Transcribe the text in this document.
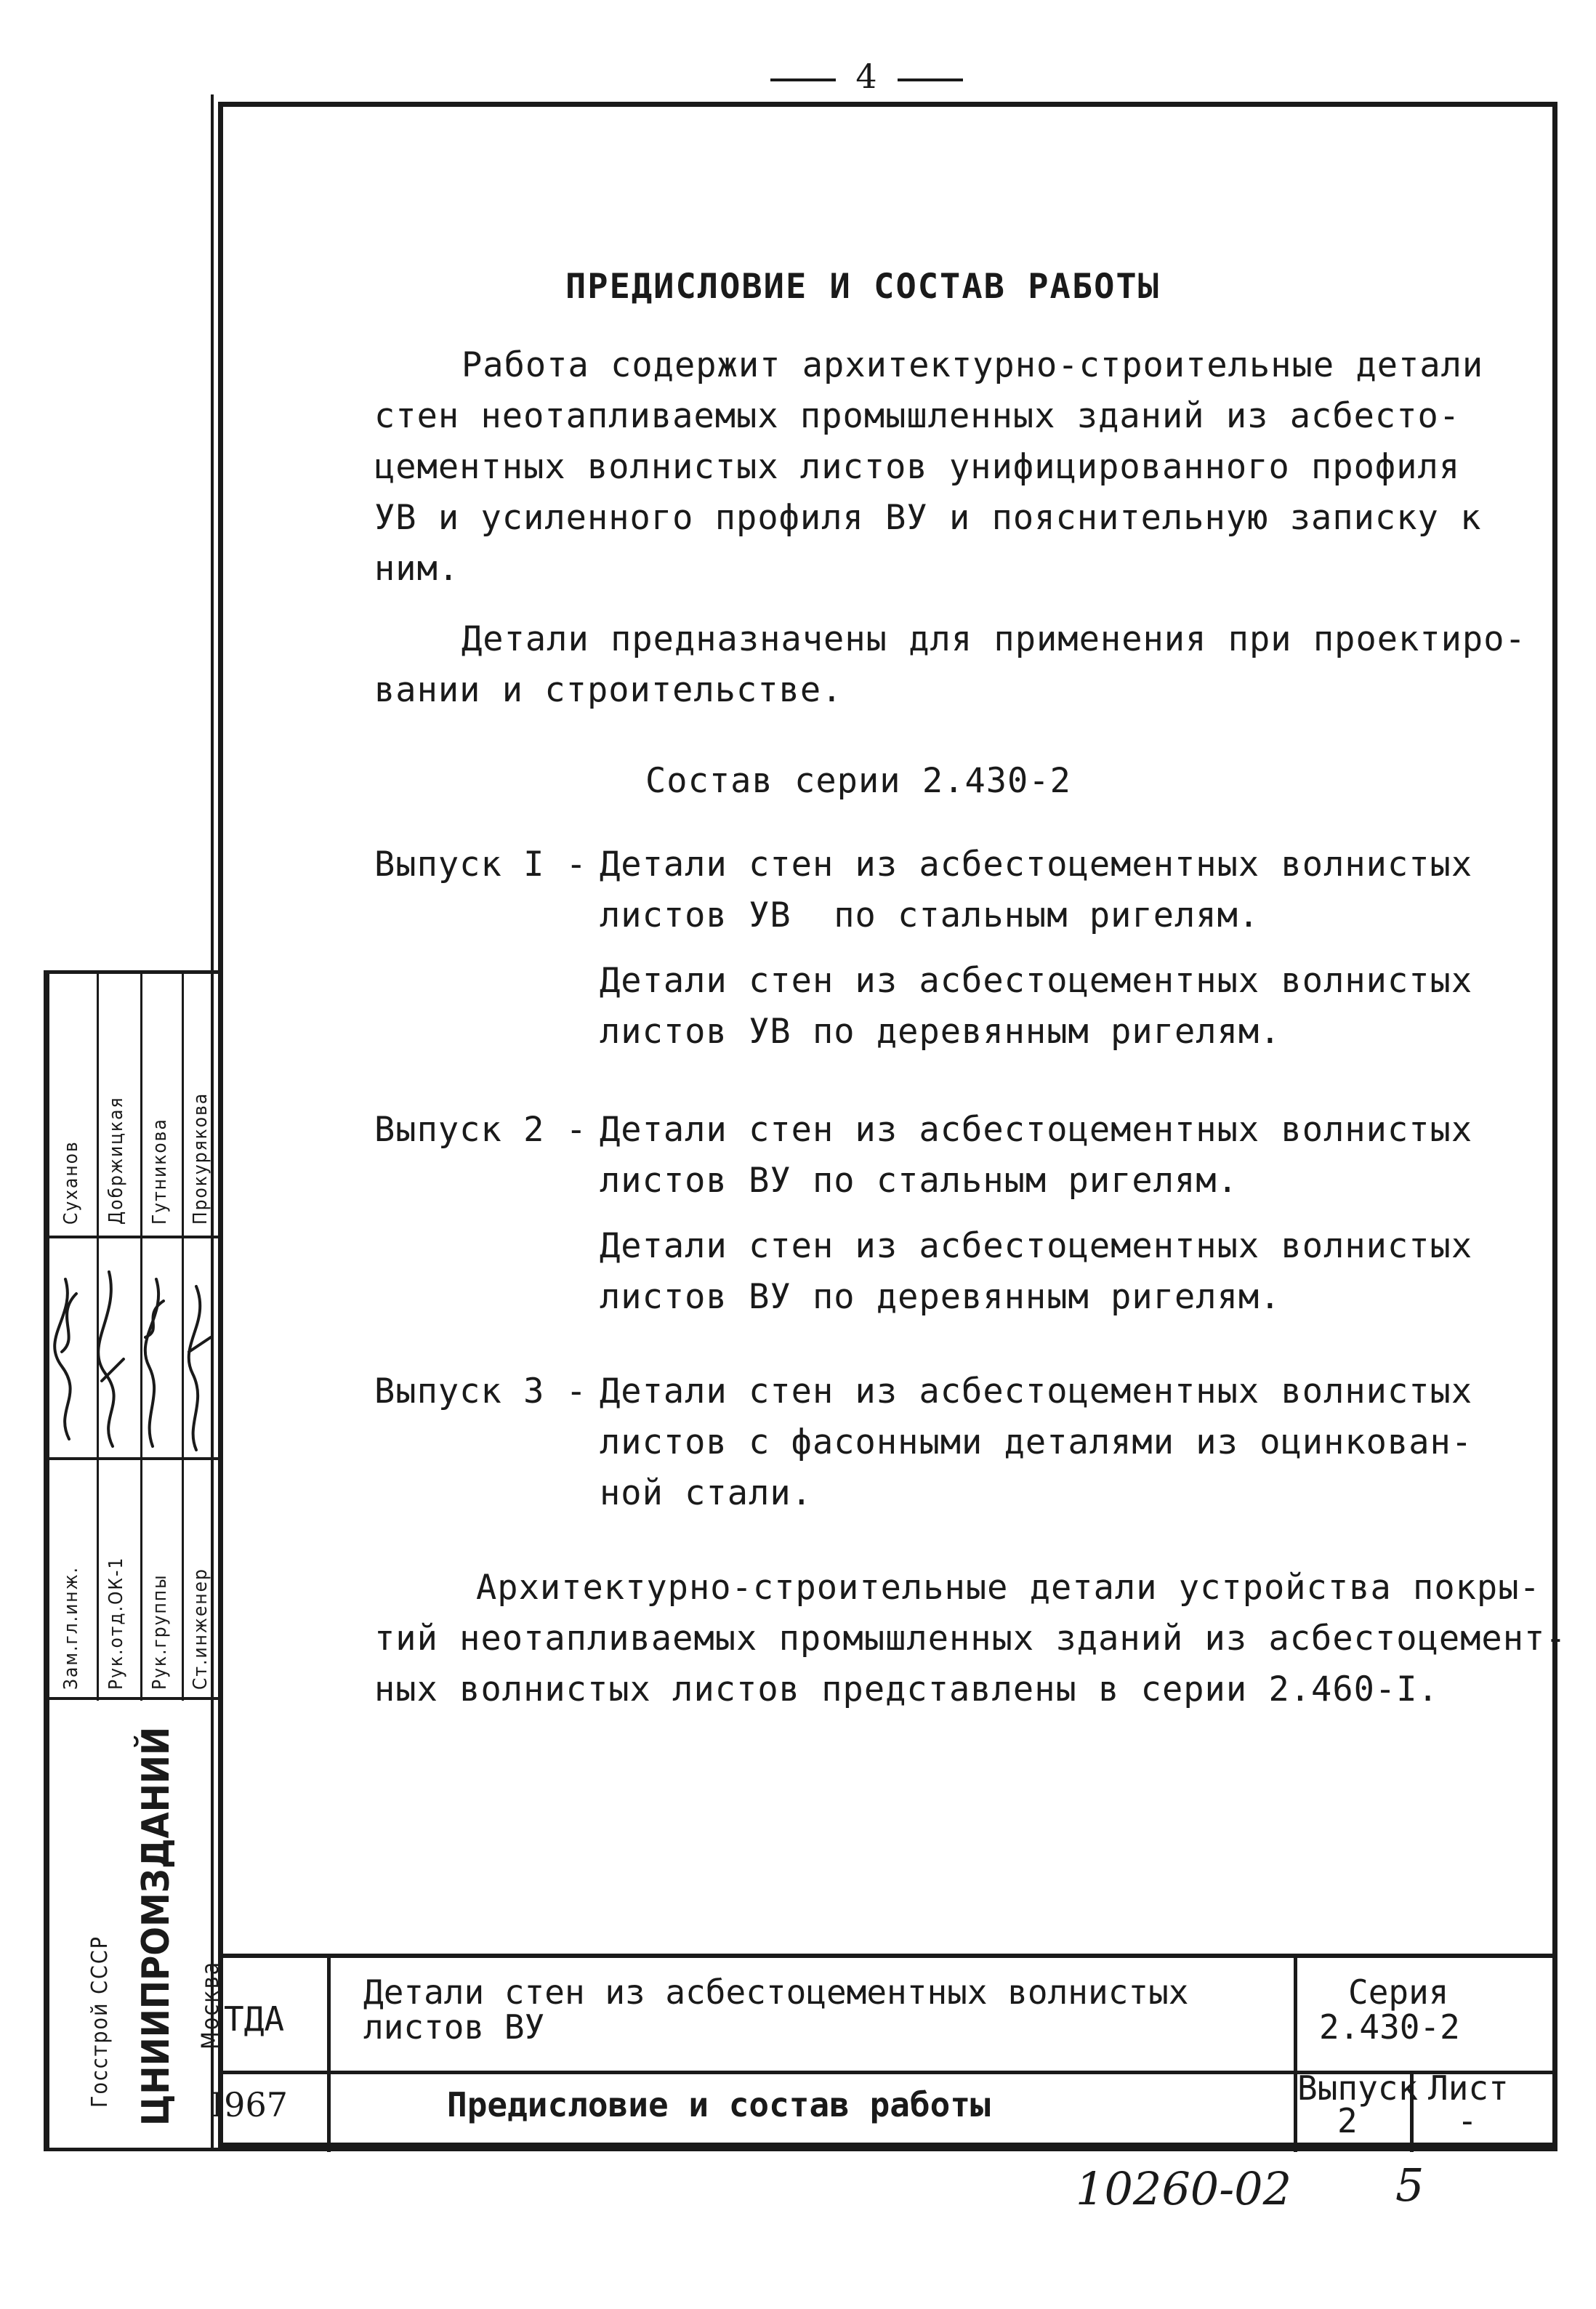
4
ПРЕДИСЛОВИЕ И СОСТАВ РАБОТЫ
Работа содержит архитектурно-строительные детали
стен неотапливаемых промышленных зданий из асбесто-
цементных волнистых листов унифицированного профиля
УВ и усиленного профиля ВУ и пояснительную записку к
ним.
Детали предназначены для применения при проектиро-
вании и строительстве.
Состав серии 2.430-2
Выпуск I - Детали стен из асбестоцементных волнистых
листов УВ  по стальным ригелям.
Детали стен из асбестоцементных волнистых
листов УВ по деревянным ригелям.
Выпуск 2 - Детали стен из асбестоцементных волнистых
листов ВУ по стальным ригелям.
Детали стен из асбестоцементных волнистых
листов ВУ по деревянным ригелям.
Выпуск 3 - Детали стен из асбестоцементных волнистых
листов с фасонными деталями из оцинкован-
ной стали.
Архитектурно-строительные детали устройства покры-
тий неотапливаемых промышленных зданий из асбестоцемент-
ных волнистых листов представлены в серии 2.460-I.
Суханов Добржицкая Гутникова Прокурякова
Зам.гл.инж. Рук.отд.ОК-1 Рук.группы Ст.инженер
Госстрой СССР ЦНИИПРОМЗДАНИЙ Москва ТДА
Детали стен из асбестоцементных волнистых
листов ВУ
Серия
2.430-2
I967	Предисловие и состав работы	Выпуск
2
Лист
-
10260-02 5
